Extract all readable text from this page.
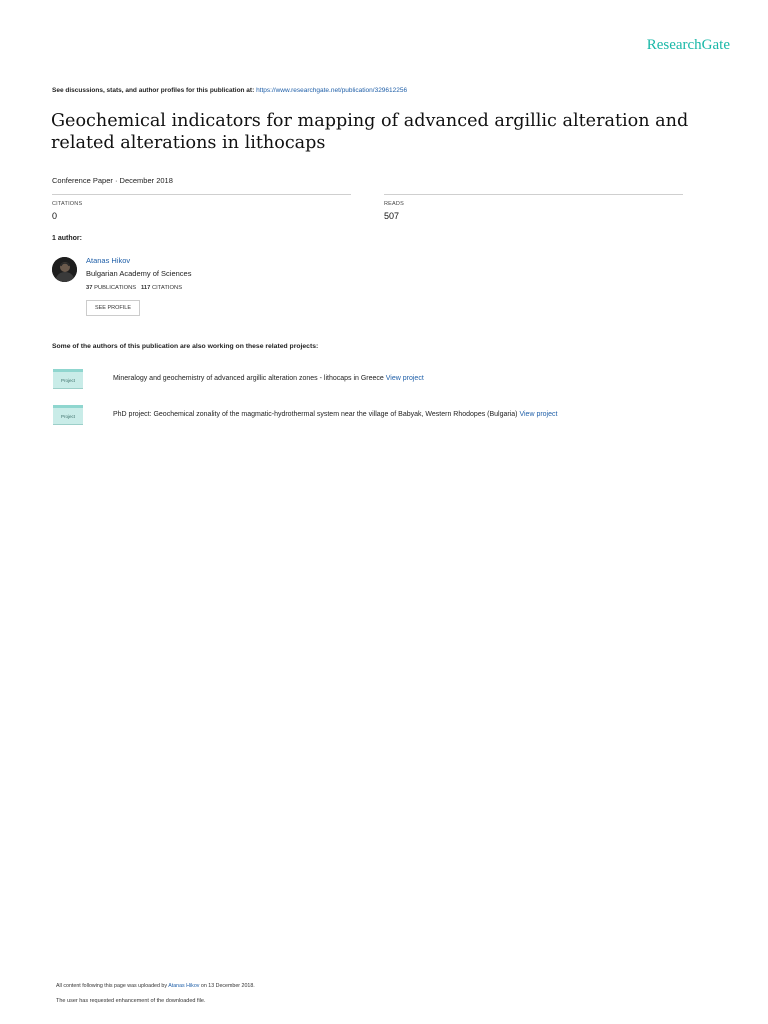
ResearchGate
See discussions, stats, and author profiles for this publication at: https://www.researchgate.net/publication/329612256
Geochemical indicators for mapping of advanced argillic alteration and related alterations in lithocaps
Conference Paper · December 2018
CITATIONS
0
READS
507
1 author:
Atanas Hikov
Bulgarian Academy of Sciences
37 PUBLICATIONS 117 CITATIONS
SEE PROFILE
Some of the authors of this publication are also working on these related projects:
Project	Mineralogy and geochemistry of advanced argillic alteration zones - lithocaps in Greece View project
Project	PhD project: Geochemical zonality of the magmatic-hydrothermal system near the village of Babyak, Western Rhodopes (Bulgaria) View project
All content following this page was uploaded by Atanas Hikov on 13 December 2018.
The user has requested enhancement of the downloaded file.
